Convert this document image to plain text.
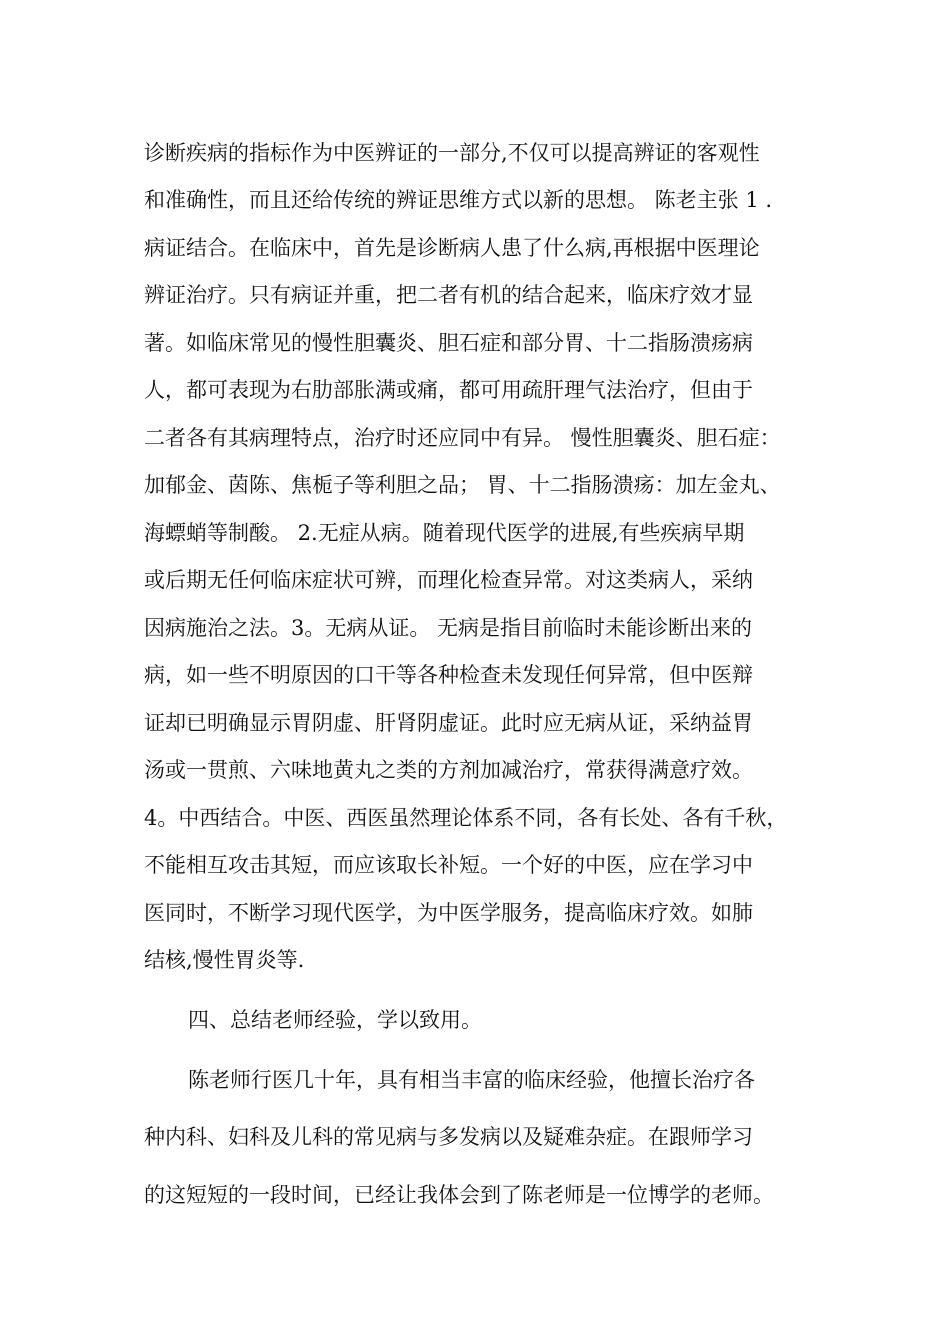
诊断疾病的指标作为中医辨证的一部分,不仅可以提高辨证的客观性
和准确性，而且还给传统的辨证思维方式以新的思想。 陈老主张 1 .
病证结合。在临床中，首先是诊断病人患了什么病,再根据中医理论
辨证治疗。只有病证并重，把二者有机的结合起来，临床疗效才显
著。如临床常见的慢性胆囊炎、胆石症和部分胃、十二指肠溃疡病
人，都可表现为右肋部胀满或痛，都可用疏肝理气法治疗，但由于
二者各有其病理特点，治疗时还应同中有异。 慢性胆囊炎、胆石症：
加郁金、茵陈、焦栀子等利胆之品； 胃、十二指肠溃疡：加左金丸、
海螵蛸等制酸。 2.无症从病。随着现代医学的进展,有些疾病早期
或后期无任何临床症状可辨，而理化检查异常。对这类病人，采纳
因病施治之法。3。无病从证。 无病是指目前临时未能诊断出来的
病，如一些不明原因的口干等各种检查未发现任何异常，但中医辩
证却已明确显示胃阴虚、肝肾阴虚证。此时应无病从证，采纳益胃
汤或一贯煎、六味地黄丸之类的方剂加减治疗，常获得满意疗效。
4。中西结合。中医、西医虽然理论体系不同，各有长处、各有千秋，
不能相互攻击其短，而应该取长补短。一个好的中医，应在学习中
医同时，不断学习现代医学，为中医学服务，提高临床疗效。如肺
结核,慢性胃炎等.
四、总结老师经验，学以致用。
陈老师行医几十年，具有相当丰富的临床经验，他擅长治疗各
种内科、妇科及儿科的常见病与多发病以及疑难杂症。在跟师学习
的这短短的一段时间，已经让我体会到了陈老师是一位博学的老师。
